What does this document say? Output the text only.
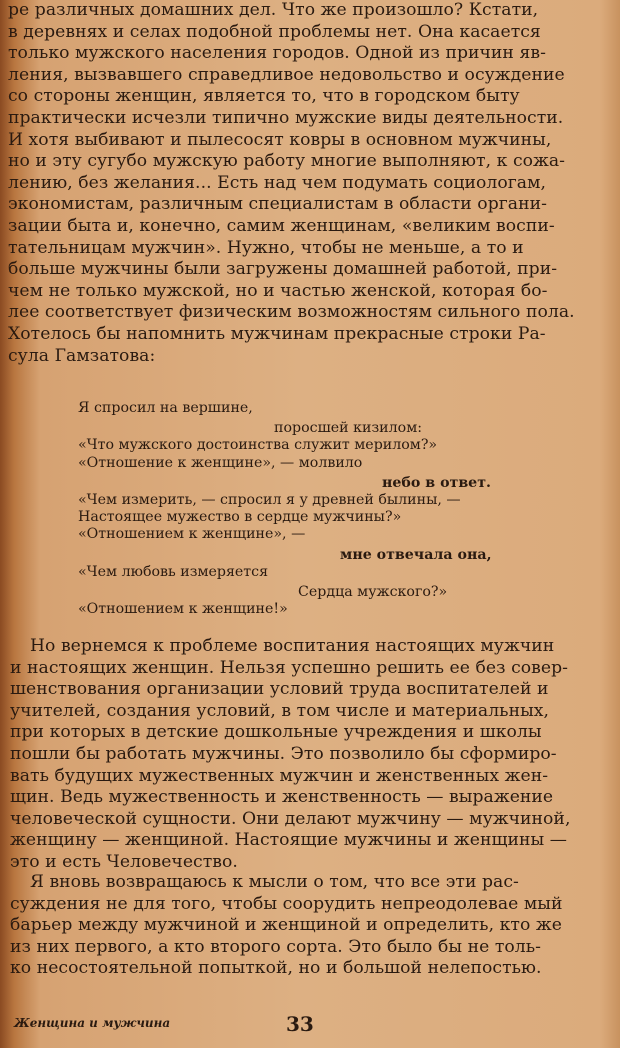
ре различных домашних дел. Что же произошло? Кстати,
в деревнях и селах подобной проблемы нет. Она касается
только мужского населения городов. Одной из причин яв-
ления, вызвавшего справедливое недовольство и осуждение
со стороны женщин, является то, что в городском быту
практически исчезли типично мужские виды деятельности.
И хотя выбивают и пылесосят ковры в основном мужчины,
но и эту сугубо мужскую работу многие выполняют, к сожа-
лению, без желания... Есть над чем подумать социологам,
экономистам, различным специалистам в области органи-
зации быта и, конечно, самим женщинам, «великим воспи-
тательницам мужчин». Нужно, чтобы не меньше, а то и
больше мужчины были загружены домашней работой, при-
чем не только мужской, но и частью женской, которая бо-
лее соответствует физическим возможностям сильного пола.
Хотелось бы напомнить мужчинам прекрасные строки Ра-
сула Гамзатова:
Я спросил на вершине,
поросшей кизилом:
«Что мужского достоинства служит мерилом?»
«Отношение к женщине», — молвило
небо в ответ.
«Чем измерить, — спросил я у древней былины, —
Настоящее мужество в сердце мужчины?»
«Отношением к женщине», —
мне отвечала она,
«Чем любовь измеряется
Сердца мужского?»
«Отношением к женщине!»
Но вернемся к проблеме воспитания настоящих мужчин
и настоящих женщин. Нельзя успешно решить ее без совер-
шенствования организации условий труда воспитателей и
учителей, создания условий, в том числе и материальных,
при которых в детские дошкольные учреждения и школы
пошли бы работать мужчины. Это позволило бы сформиро-
вать будущих мужественных мужчин и женственных жен-
щин. Ведь мужественность и женственность — выражение
человеческой сущности. Они делают мужчину — мужчиной,
женщину — женщиной. Настоящие мужчины и женщины —
это и есть Человечество.
Я вновь возвращаюсь к мысли о том, что все эти рас-
суждения не для того, чтобы соорудить непреодолевае мый
барьер между мужчиной и женщиной и определить, кто же
из них первого, а кто второго сорта. Это было бы не толь-
ко несостоятельной попыткой, но и большой нелепостью.
Женщина и мужчина	33
